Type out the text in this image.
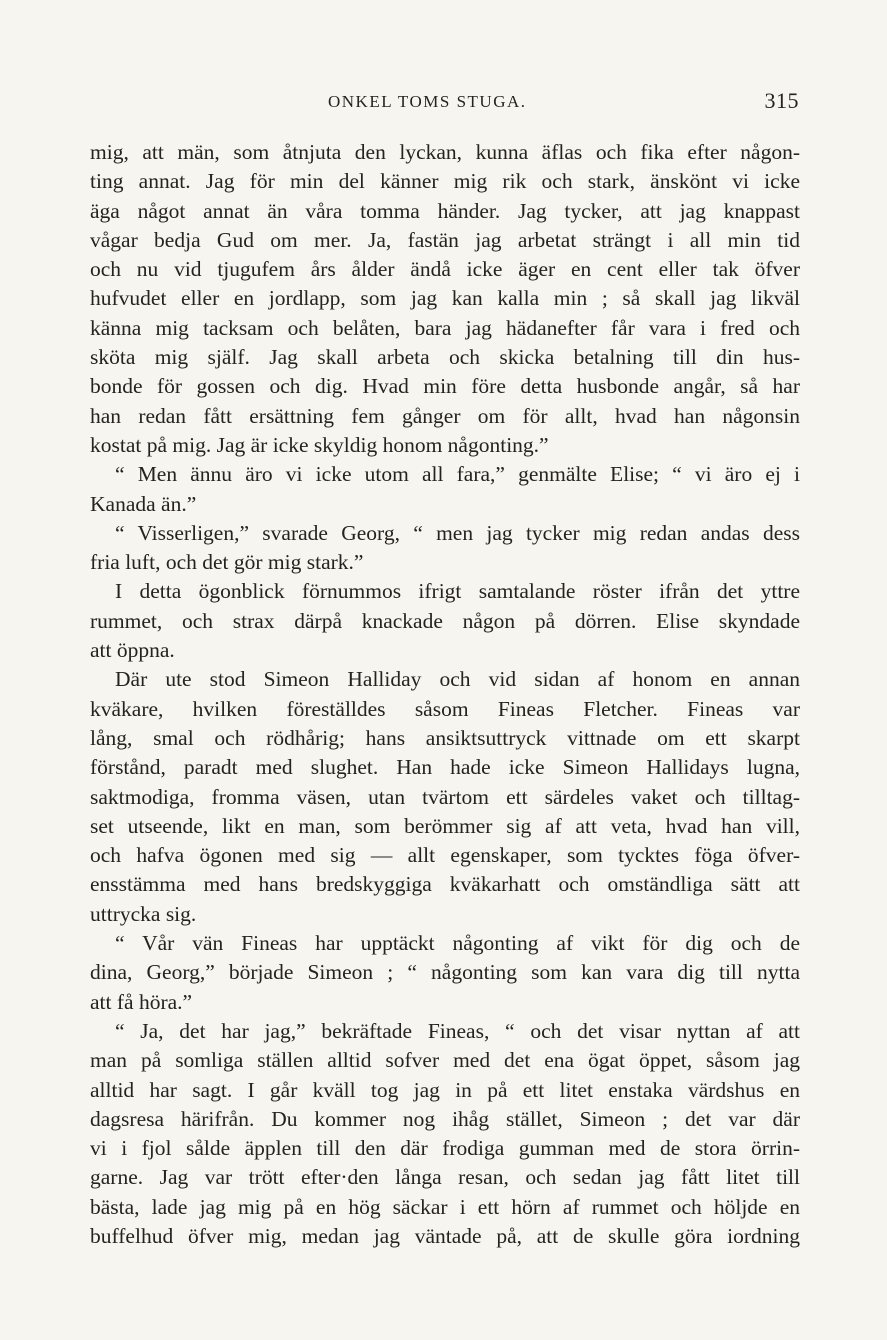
ONKEL TOMS STUGA.	315
mig, att män, som åtnjuta den lyckan, kunna äflas och fika efter någon-
ting annat. Jag för min del känner mig rik och stark, änskönt vi icke
äga något annat än våra tomma händer. Jag tycker, att jag knappast
vågar bedja Gud om mer. Ja, fastän jag arbetat strängt i all min tid
och nu vid tjugufem års ålder ändå icke äger en cent eller tak öfver
hufvudet eller en jordlapp, som jag kan kalla min ; så skall jag likväl
känna mig tacksam och belåten, bara jag hädanefter får vara i fred och
sköta mig själf. Jag skall arbeta och skicka betalning till din hus-
bonde för gossen och dig. Hvad min före detta husbonde angår, så har
han redan fått ersättning fem gånger om för allt, hvad han någonsin
kostat på mig. Jag är icke skyldig honom någonting.”
“ Men ännu äro vi icke utom all fara,” genmälte Elise; “ vi äro ej i
Kanada än.”
“ Visserligen,” svarade Georg, “ men jag tycker mig redan andas dess
fria luft, och det gör mig stark.”
I detta ögonblick förnummos ifrigt samtalande röster ifrån det yttre
rummet, och strax därpå knackade någon på dörren. Elise skyndade
att öppna.
Där ute stod Simeon Halliday och vid sidan af honom en annan
kväkare, hvilken föreställdes såsom Fineas Fletcher. Fineas var
lång, smal och rödhårig; hans ansiktsuttryck vittnade om ett skarpt
förstånd, paradt med slughet. Han hade icke Simeon Hallidays lugna,
saktmodiga, fromma väsen, utan tvärtom ett särdeles vaket och tilltag-
set utseende, likt en man, som berömmer sig af att veta, hvad han vill,
och hafva ögonen med sig — allt egenskaper, som tycktes föga öfver-
ensstämma med hans bredskyggiga kväkarhatt och omständliga sätt att
uttrycka sig.
“ Vår vän Fineas har upptäckt någonting af vikt för dig och de
dina, Georg,” började Simeon ; “ någonting som kan vara dig till nytta
att få höra.”
“ Ja, det har jag,” bekräftade Fineas, “ och det visar nyttan af att
man på somliga ställen alltid sofver med det ena ögat öppet, såsom jag
alltid har sagt. I går kväll tog jag in på ett litet enstaka värdshus en
dagsresa härifrån. Du kommer nog ihåg stället, Simeon ; det var där
vi i fjol sålde äpplen till den där frodiga gumman med de stora örrin-
garne. Jag var trött efter·den långa resan, och sedan jag fått litet till
bästa, lade jag mig på en hög säckar i ett hörn af rummet och höljde en
buffelhud öfver mig, medan jag väntade på, att de skulle göra iordning
